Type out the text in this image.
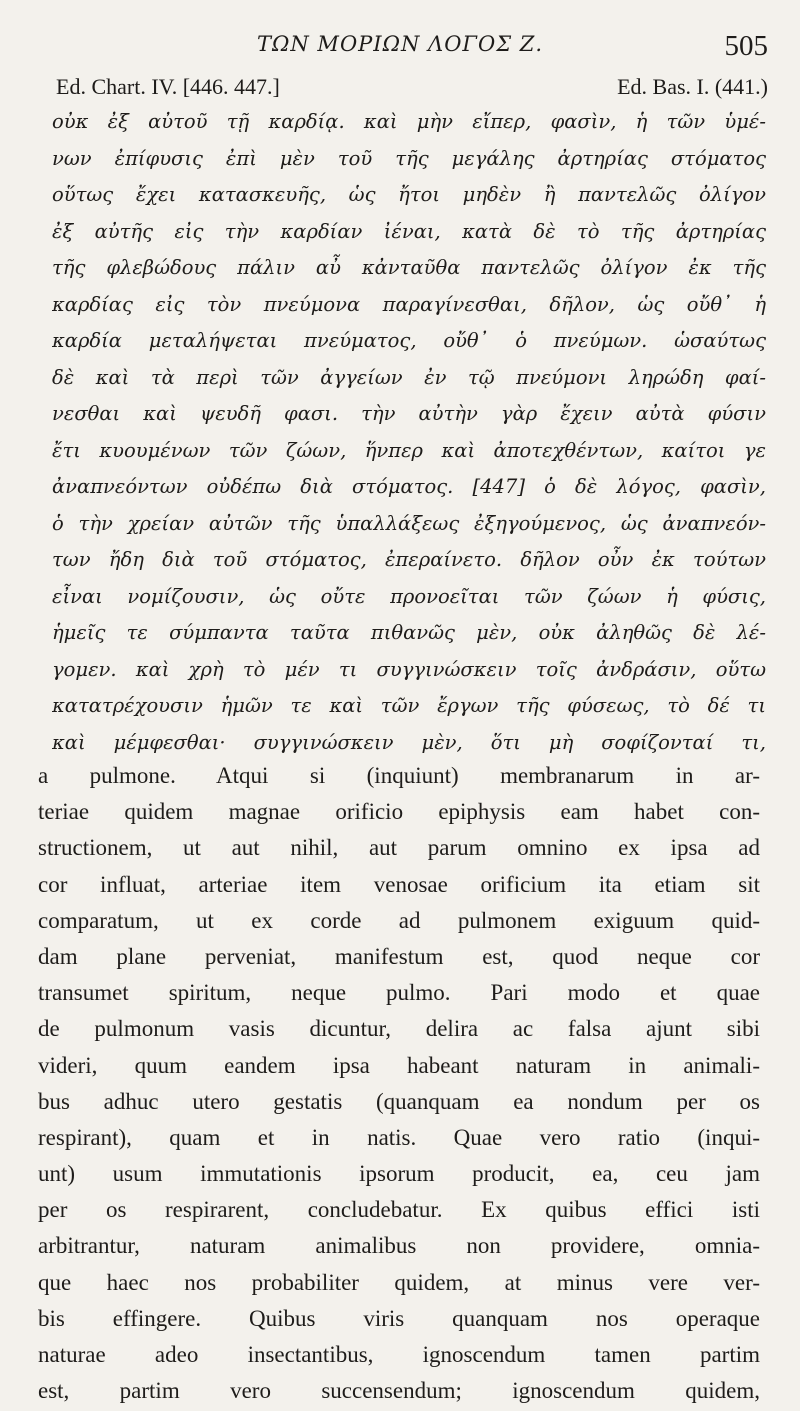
ΤΩΝ ΜΟΡΙΩΝ ΛΟΓΟΣ Ζ.	505
Ed. Chart. IV. [446. 447.]	Ed. Bas. I. (441.)
οὐκ ἐξ αὐτοῦ τῇ καρδίᾳ. καὶ μὴν εἴπερ, φασὶν, ἡ τῶν ὑμέ-
νων ἐπίφυσις ἐπὶ μὲν τοῦ τῆς μεγάλης ἀρτηρίας στόματος
οὕτως ἔχει κατασκευῆς, ὡς ἤτοι μηδὲν ἢ παντελῶς ὀλίγον
ἐξ αὐτῆς εἰς τὴν καρδίαν ἰέναι, κατὰ δὲ τὸ τῆς ἀρτηρίας
τῆς φλεβώδους πάλιν αὖ κἀνταῦθα παντελῶς ὀλίγον ἐκ τῆς
καρδίας εἰς τὸν πνεύμονα παραγίνεσθαι, δῆλον, ὡς οὔθ᾽ ἡ
καρδία μεταλήψεται πνεύματος, οὔθ᾽ ὁ πνεύμων. ὡσαύτως
δὲ καὶ τὰ περὶ τῶν ἀγγείων ἐν τῷ πνεύμονι ληρώδη φαί-
νεσθαι καὶ ψευδῆ φασι. τὴν αὐτὴν γὰρ ἔχειν αὐτὰ φύσιν
ἔτι κυουμένων τῶν ζώων, ἥνπερ καὶ ἀποτεχθέντων, καίτοι γε
ἀναπνεόντων οὐδέπω διὰ στόματος. [447] ὁ δὲ λόγος, φασὶν,
ὁ τὴν χρείαν αὐτῶν τῆς ὑπαλλάξεως ἐξηγούμενος, ὡς ἀναπνεόν-
των ἤδη διὰ τοῦ στόματος, ἐπεραίνετο. δῆλον οὖν ἐκ τούτων
εἶναι νομίζουσιν, ὡς οὔτε προνοεῖται τῶν ζώων ἡ φύσις,
ἡμεῖς τε σύμπαντα ταῦτα πιθανῶς μὲν, οὐκ ἀληθῶς δὲ λέ-
γομεν. καὶ χρὴ τὸ μέν τι συγγινώσκειν τοῖς ἀνδράσιν, οὕτω
κατατρέχουσιν ἡμῶν τε καὶ τῶν ἔργων τῆς φύσεως, τὸ δέ τι
καὶ μέμφεσθαι· συγγινώσκειν μὲν, ὅτι μὴ σοφίζονταί τι,
a pulmone. Atqui si (inquiunt) membranarum in ar-
teriae quidem magnae orificio epiphysis eam habet con-
structionem, ut aut nihil, aut parum omnino ex ipsa ad
cor influat, arteriae item venosae orificium ita etiam sit
comparatum, ut ex corde ad pulmonem exiguum quid-
dam plane perveniat, manifestum est, quod neque cor
transumet spiritum, neque pulmo. Pari modo et quae
de pulmonum vasis dicuntur, delira ac falsa ajunt sibi
videri, quum eandem ipsa habeant naturam in animali-
bus adhuc utero gestatis (quanquam ea nondum per os
respirant), quam et in natis. Quae vero ratio (inqui-
unt) usum immutationis ipsorum producit, ea, ceu jam
per os respirarent, concludebatur. Ex quibus effici isti
arbitrantur, naturam animalibus non providere, omnia-
que haec nos probabiliter quidem, at minus vere ver-
bis effingere. Quibus viris quanquam nos operaque
naturae adeo insectantibus, ignoscendum tamen partim
est, partim vero succensendum; ignoscendum quidem,
